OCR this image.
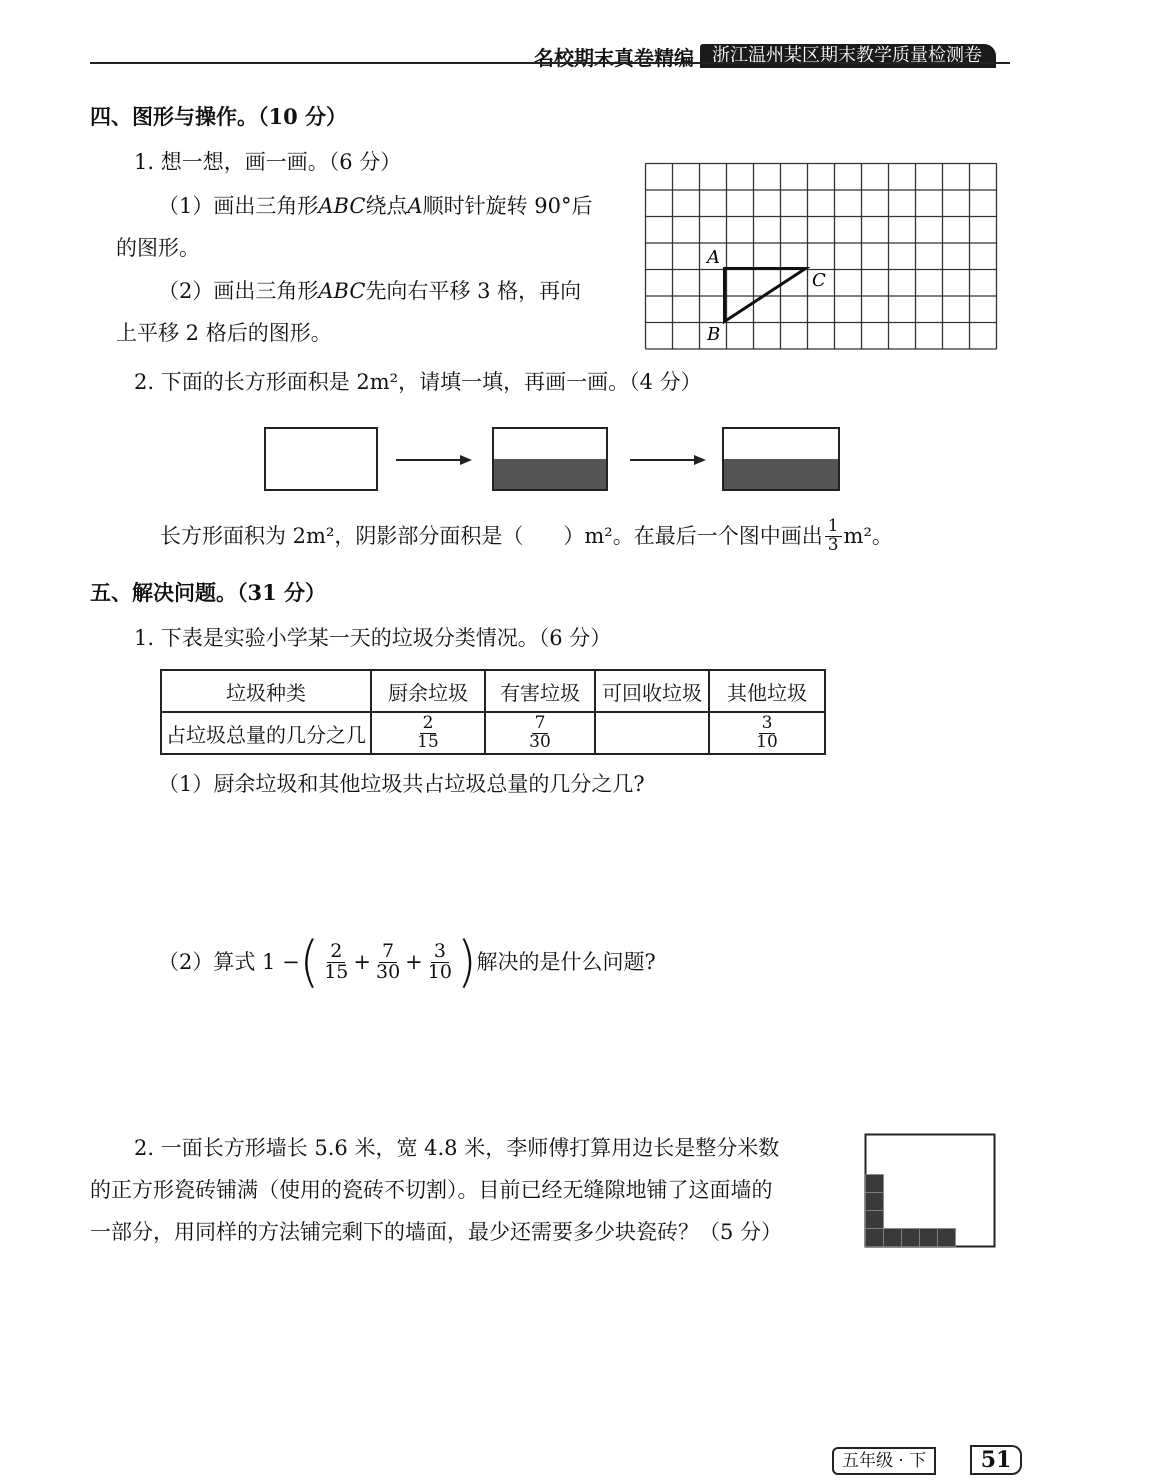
名校期末真卷精编	浙江温州某区期末教学质量检测卷
四、图形与操作。（10 分）
1. 想一想，画一画。（6 分）
（1）画出三角形ABC绕点A顺时针旋转 90°后
的图形。
（2）画出三角形ABC先向右平移 3 格，再向
上平移 2 格后的图形。
A
C
B
2. 下面的长方形面积是 2m²，请填一填，再画一画。（4 分）
长方形面积为 2m²，阴影部分面积是（ ）m²。在最后一个图中画出 $\frac{1}{3} m^2$。
五、解决问题。（31 分）
1. 下表是实验小学某一天的垃圾分类情况。（6 分）
垃圾种类	厨余垃圾	有害垃圾	可回收垃圾	其他垃圾
占垃圾总量的几分之几	$\frac{2}{15}$	$\frac{7}{30}$		$\frac{3}{10}$
（1）厨余垃圾和其他垃圾共占垃圾总量的几分之几?
（2）算式 1 − ( $\frac{2}{15} + \frac{7}{30} + \frac{3}{10}$ ) 解决的是什么问题?
2. 一面长方形墙长 5.6 米，宽 4.8 米，李师傅打算用边长是整分米数
的正方形瓷砖铺满（使用的瓷砖不切割）。目前已经无缝隙地铺了这面墙的
一部分，用同样的方法铺完剩下的墙面，最少还需要多少块瓷砖？（5 分）
五年级 · 下	51
